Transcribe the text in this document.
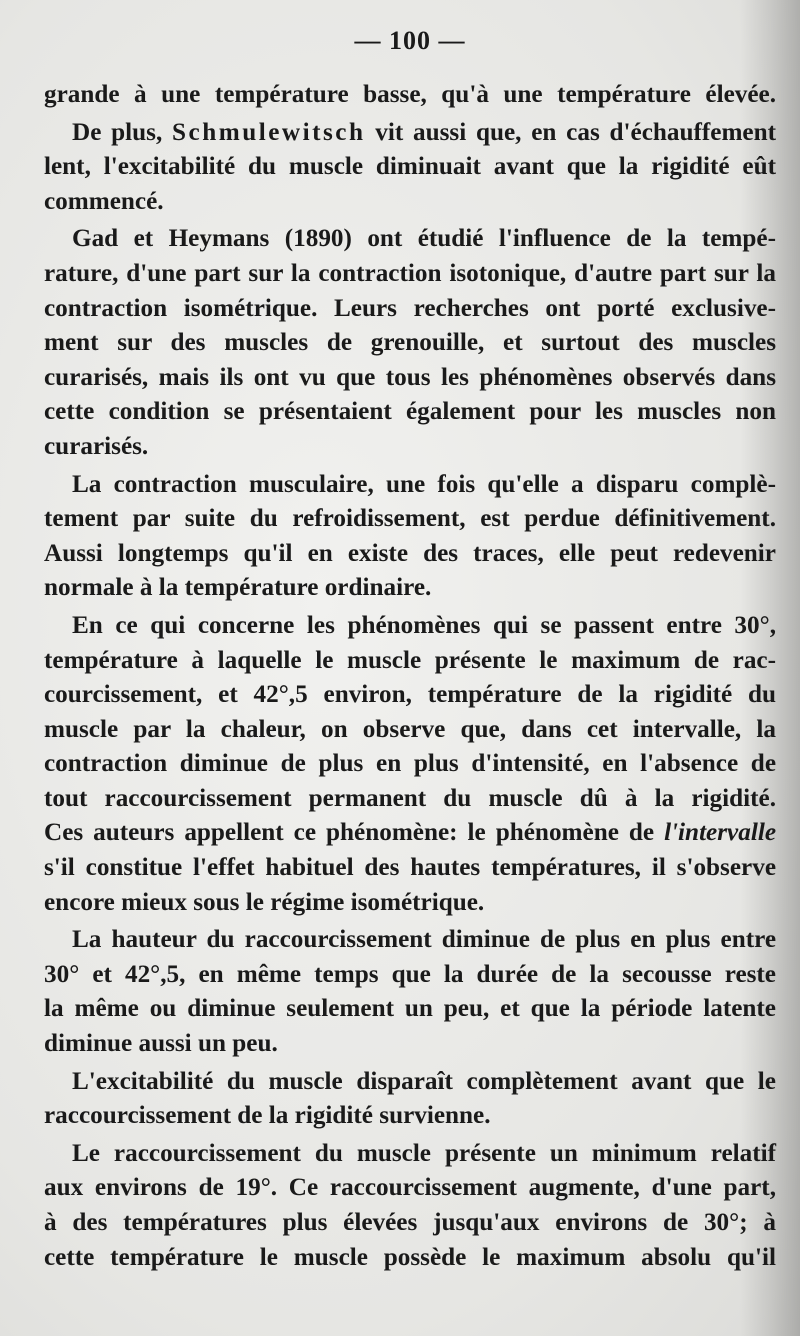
— 100 —
grande à une température basse, qu'à une température élevée.
De plus, Schmulewitsch vit aussi que, en cas d'échauffement
lent, l'excitabilité du muscle diminuait avant que la rigidité eût
commencé.
Gad et Heymans (1890) ont étudié l'influence de la tempé-
rature, d'une part sur la contraction isotonique, d'autre part sur la
contraction isométrique. Leurs recherches ont porté exclusive-
ment sur des muscles de grenouille, et surtout des muscles
curarisés, mais ils ont vu que tous les phénomènes observés dans
cette condition se présentaient également pour les muscles non
curarisés.
La contraction musculaire, une fois qu'elle a disparu complè-
tement par suite du refroidissement, est perdue définitivement.
Aussi longtemps qu'il en existe des traces, elle peut redevenir
normale à la température ordinaire.
En ce qui concerne les phénomènes qui se passent entre 30°,
température à laquelle le muscle présente le maximum de rac-
courcissement, et 42°,5 environ, température de la rigidité du
muscle par la chaleur, on observe que, dans cet intervalle, la
contraction diminue de plus en plus d'intensité, en l'absence de
tout raccourcissement permanent du muscle dû à la rigidité.
Ces auteurs appellent ce phénomène: le phénomène de l'intervalle
s'il constitue l'effet habituel des hautes températures, il s'observe
encore mieux sous le régime isométrique.
La hauteur du raccourcissement diminue de plus en plus entre
30° et 42°,5, en même temps que la durée de la secousse reste
la même ou diminue seulement un peu, et que la période latente
diminue aussi un peu.
L'excitabilité du muscle disparaît complètement avant que le
raccourcissement de la rigidité survienne.
Le raccourcissement du muscle présente un minimum relatif
aux environs de 19°. Ce raccourcissement augmente, d'une part,
à des températures plus élevées jusqu'aux environs de 30°; à
cette température le muscle possède le maximum absolu qu'il
